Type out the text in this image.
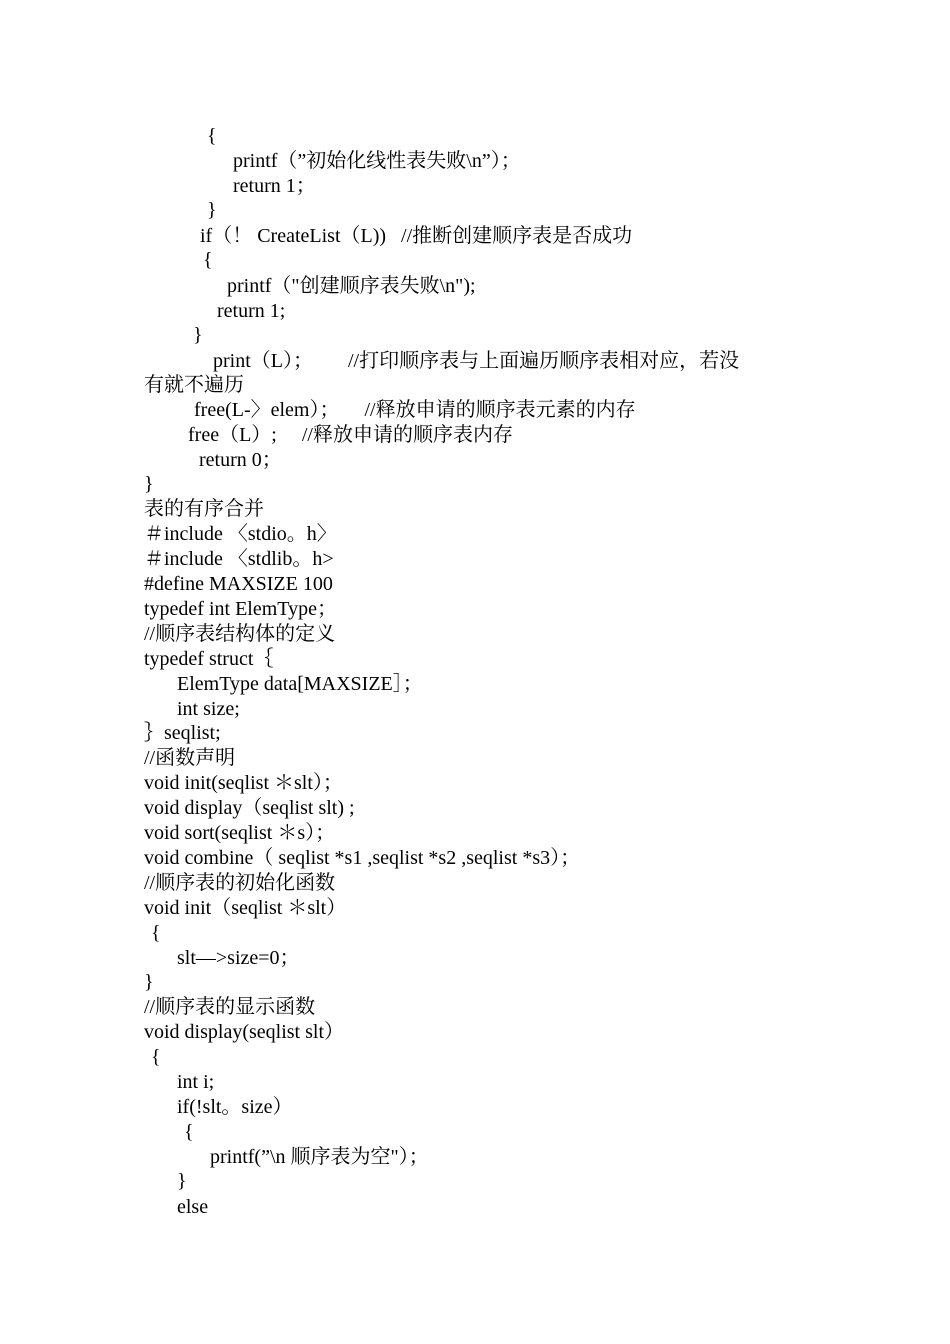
{
printf（”初始化线性表失败\n”）；
return 1；
}
if（！ CreateList（L))   //推断创建顺序表是否成功
{
printf（"创建顺序表失败\n");
return 1;
}
print（L）；       //打印顺序表与上面遍历顺序表相对应，若没
有就不遍历
free(L-〉elem）；     //释放申请的顺序表元素的内存
free（L）;     //释放申请的顺序表内存
return 0；
}
表的有序合并
＃include 〈stdio。h〉
＃include 〈stdlib。h>
#define MAXSIZE 100
typedef int ElemType；
//顺序表结构体的定义
typedef struct｛
ElemType data[MAXSIZE］；
int size;
｝seqlist;
//函数声明
void init(seqlist ＊slt）；
void display（seqlist slt) ;
void sort(seqlist ＊s）；
void combine（ seqlist *s1 ,seqlist *s2 ,seqlist *s3）；
//顺序表的初始化函数
void init（seqlist ＊slt）
{
slt—>size=0；
}
//顺序表的显示函数
void display(seqlist slt）
{
int i;
if(!slt。size）
{
printf(”\n 顺序表为空"）；
}
else
